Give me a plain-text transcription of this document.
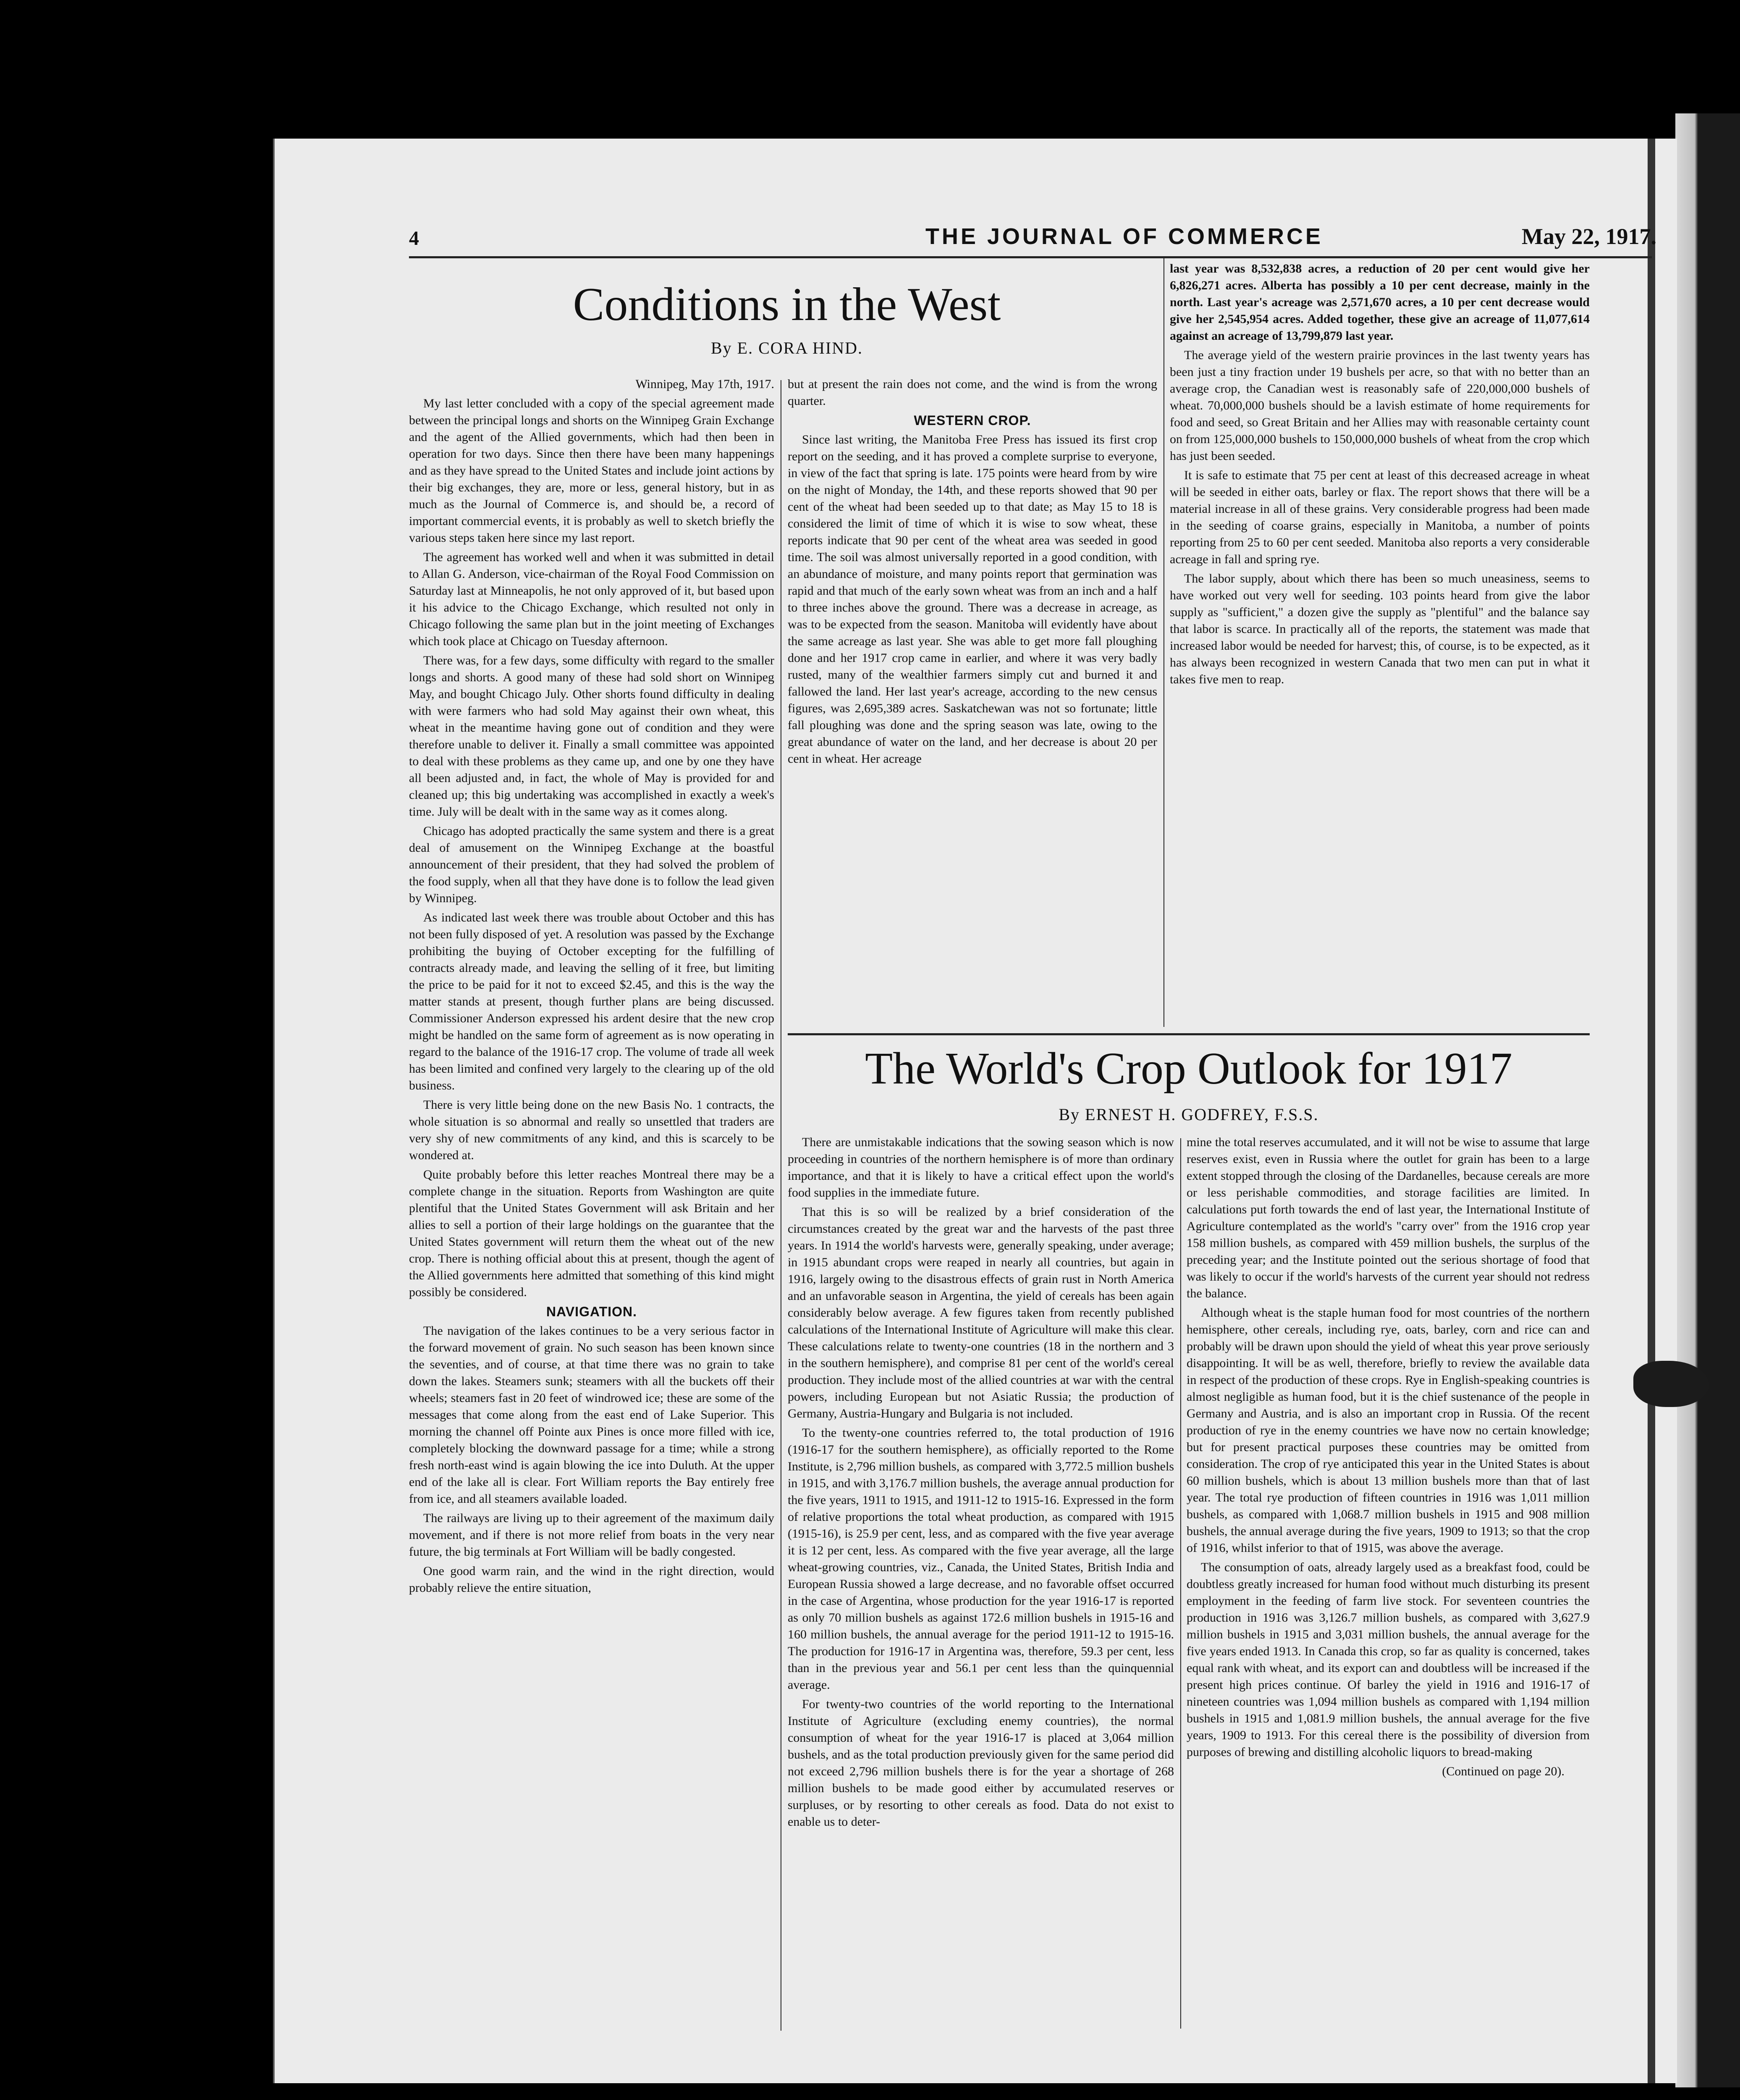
4	THE JOURNAL OF COMMERCE	May 22, 1917.
Conditions in the West
By E. CORA HIND.
Winnipeg, May 17th, 1917.

My last letter concluded with a copy of the special agreement made between the principal longs and shorts on the Winnipeg Grain Exchange and the agent of the Allied governments, which had then been in operation for two days. Since then there have been many happenings and as they have spread to the United States and include joint actions by their big exchanges, they are, more or less, general history, but in as much as the Journal of Commerce is, and should be, a record of important commercial events, it is probably as well to sketch briefly the various steps taken here since my last report.

The agreement has worked well and when it was submitted in detail to Allan G. Anderson, vice-chairman of the Royal Food Commission on Saturday last at Minneapolis, he not only approved of it, but based upon it his advice to the Chicago Exchange, which resulted not only in Chicago following the same plan but in the joint meeting of Exchanges which took place at Chicago on Tuesday afternoon.

There was, for a few days, some difficulty with regard to the smaller longs and shorts. A good many of these had sold short on Winnipeg May, and bought Chicago July. Other shorts found difficulty in dealing with were farmers who had sold May against their own wheat, this wheat in the meantime having gone out of condition and they were therefore unable to deliver it. Finally a small committee was appointed to deal with these problems as they came up, and one by one they have all been adjusted and, in fact, the whole of May is provided for and cleaned up; this big undertaking was accomplished in exactly a week's time. July will be dealt with in the same way as it comes along.

Chicago has adopted practically the same system and there is a great deal of amusement on the Winnipeg Exchange at the boastful announcement of their president, that they had solved the problem of the food supply, when all that they have done is to follow the lead given by Winnipeg.

As indicated last week there was trouble about October and this has not been fully disposed of yet. A resolution was passed by the Exchange prohibiting the buying of October excepting for the fulfilling of contracts already made, and leaving the selling of it free, but limiting the price to be paid for it not to exceed $2.45, and this is the way the matter stands at present, though further plans are being discussed. Commissioner Anderson expressed his ardent desire that the new crop might be handled on the same form of agreement as is now operating in regard to the balance of the 1916-17 crop. The volume of trade all week has been limited and confined very largely to the clearing up of the old business.

There is very little being done on the new Basis No. 1 contracts, the whole situation is so abnormal and really so unsettled that traders are very shy of new commitments of any kind, and this is scarcely to be wondered at.

Quite probably before this letter reaches Montreal there may be a complete change in the situation. Reports from Washington are quite plentiful that the United States Government will ask Britain and her allies to sell a portion of their large holdings on the guarantee that the United States government will return them the wheat out of the new crop. There is nothing official about this at present, though the agent of the Allied governments here admitted that something of this kind might possibly be considered.

NAVIGATION.

The navigation of the lakes continues to be a very serious factor in the forward movement of grain. No such season has been known since the seventies, and of course, at that time there was no grain to take down the lakes. Steamers sunk; steamers with all the buckets off their wheels; steamers fast in 20 feet of windrowed ice; these are some of the messages that come along from the east end of Lake Superior. This morning the channel off Pointe aux Pines is once more filled with ice, completely blocking the downward passage for a time; while a strong fresh north-east wind is again blowing the ice into Duluth. At the upper end of the lake all is clear. Fort William reports the Bay entirely free from ice, and all steamers available loaded.

The railways are living up to their agreement of the maximum daily movement, and if there is not more relief from boats in the very near future, the big terminals at Fort William will be badly congested.

One good warm rain, and the wind in the right direction, would probably relieve the entire situation,

but at present the rain does not come, and the wind is from the wrong quarter.

WESTERN CROP.

Since last writing, the Manitoba Free Press has issued its first crop report on the seeding, and it has proved a complete surprise to everyone, in view of the fact that spring is late. 175 points were heard from by wire on the night of Monday, the 14th, and these reports showed that 90 per cent of the wheat had been seeded up to that date; as May 15 to 18 is considered the limit of time of which it is wise to sow wheat, these reports indicate that 90 per cent of the wheat area was seeded in good time. The soil was almost universally reported in a good condition, with an abundance of moisture, and many points report that germination was rapid and that much of the early sown wheat was from an inch and a half to three inches above the ground. There was a decrease in acreage, as was to be expected from the season. Manitoba will evidently have about the same acreage as last year. She was able to get more fall ploughing done and her 1917 crop came in earlier, and where it was very badly rusted, many of the wealthier farmers simply cut and burned it and fallowed the land. Her last year's acreage, according to the new census figures, was 2,695,389 acres. Saskatchewan was not so fortunate; little fall ploughing was done and the spring season was late, owing to the great abundance of water on the land, and her decrease is about 20 per cent in wheat. Her acreage

last year was 8,532,838 acres, a reduction of 20 per cent would give her 6,826,271 acres. Alberta has possibly a 10 per cent decrease, mainly in the north. Last year's acreage was 2,571,670 acres, a 10 per cent decrease would give her 2,545,954 acres. Added together, these give an acreage of 11,077,614 against an acreage of 13,799,879 last year.

The average yield of the western prairie provinces in the last twenty years has been just a tiny fraction under 19 bushels per acre, so that with no better than an average crop, the Canadian west is reasonably safe of 220,000,000 bushels of wheat. 70,000,000 bushels should be a lavish estimate of home requirements for food and seed, so Great Britain and her Allies may with reasonable certainty count on from 125,000,000 bushels to 150,000,000 bushels of wheat from the crop which has just been seeded.

It is safe to estimate that 75 per cent at least of this decreased acreage in wheat will be seeded in either oats, barley or flax. The report shows that there will be a material increase in all of these grains. Very considerable progress had been made in the seeding of coarse grains, especially in Manitoba, a number of points reporting from 25 to 60 per cent seeded. Manitoba also reports a very considerable acreage in fall and spring rye.

The labor supply, about which there has been so much uneasiness, seems to have worked out very well for seeding. 103 points heard from give the labor supply as "sufficient," a dozen give the supply as "plentiful" and the balance say that labor is scarce. In practically all of the reports, the statement was made that increased labor would be needed for harvest; this, of course, is to be expected, as it has always been recognized in western Canada that two men can put in what it takes five men to reap.

The World's Crop Outlook for 1917
By ERNEST H. GODFREY, F.S.S.

There are unmistakable indications that the sowing season which is now proceeding in countries of the northern hemisphere is of more than ordinary importance, and that it is likely to have a critical effect upon the world's food supplies in the immediate future.

That this is so will be realized by a brief consideration of the circumstances created by the great war and the harvests of the past three years. In 1914 the world's harvests were, generally speaking, under average; in 1915 abundant crops were reaped in nearly all countries, but again in 1916, largely owing to the disastrous effects of grain rust in North America and an unfavorable season in Argentina, the yield of cereals has been again considerably below average. A few figures taken from recently published calculations of the International Institute of Agriculture will make this clear. These calculations relate to twenty-one countries (18 in the northern and 3 in the southern hemisphere), and comprise 81 per cent of the world's cereal production. They include most of the allied countries at war with the central powers, including European but not Asiatic Russia; the production of Germany, Austria-Hungary and Bulgaria is not included.

To the twenty-one countries referred to, the total production of 1916 (1916-17 for the southern hemisphere), as officially reported to the Rome Institute, is 2,796 million bushels, as compared with 3,772.5 million bushels in 1915, and with 3,176.7 million bushels, the average annual production for the five years, 1911 to 1915, and 1911-12 to 1915-16. Expressed in the form of relative proportions the total wheat production, as compared with 1915 (1915-16), is 25.9 per cent, less, and as compared with the five year average it is 12 per cent, less. As compared with the five year average, all the large wheat-growing countries, viz., Canada, the United States, British India and European Russia showed a large decrease, and no favorable offset occurred in the case of Argentina, whose production for the year 1916-17 is reported as only 70 million bushels as against 172.6 million bushels in 1915-16 and 160 million bushels, the annual average for the period 1911-12 to 1915-16. The production for 1916-17 in Argentina was, therefore, 59.3 per cent, less than in the previous year and 56.1 per cent less than the quinquennial average.

For twenty-two countries of the world reporting to the International Institute of Agriculture (excluding enemy countries), the normal consumption of wheat for the year 1916-17 is placed at 3,064 million bushels, and as the total production previously given for the same period did not exceed 2,796 million bushels there is for the year a shortage of 268 million bushels to be made good either by accumulated reserves or surpluses, or by resorting to other cereals as food. Data do not exist to enable us to deter-

mine the total reserves accumulated, and it will not be wise to assume that large reserves exist, even in Russia where the outlet for grain has been to a large extent stopped through the closing of the Dardanelles, because cereals are more or less perishable commodities, and storage facilities are limited. In calculations put forth towards the end of last year, the International Institute of Agriculture contemplated as the world's "carry over" from the 1916 crop year 158 million bushels, as compared with 459 million bushels, the surplus of the preceding year; and the Institute pointed out the serious shortage of food that was likely to occur if the world's harvests of the current year should not redress the balance.

Although wheat is the staple human food for most countries of the northern hemisphere, other cereals, including rye, oats, barley, corn and rice can and probably will be drawn upon should the yield of wheat this year prove seriously disappointing. It will be as well, therefore, briefly to review the available data in respect of the production of these crops. Rye in English-speaking countries is almost negligible as human food, but it is the chief sustenance of the people in Germany and Austria, and is also an important crop in Russia. Of the recent production of rye in the enemy countries we have now no certain knowledge; but for present practical purposes these countries may be omitted from consideration. The crop of rye anticipated this year in the United States is about 60 million bushels, which is about 13 million bushels more than that of last year. The total rye production of fifteen countries in 1916 was 1,011 million bushels, as compared with 1,068.7 million bushels in 1915 and 908 million bushels, the annual average during the five years, 1909 to 1913; so that the crop of 1916, whilst inferior to that of 1915, was above the average.

The consumption of oats, already largely used as a breakfast food, could be doubtless greatly increased for human food without much disturbing its present employment in the feeding of farm live stock. For seventeen countries the production in 1916 was 3,126.7 million bushels, as compared with 3,627.9 million bushels in 1915 and 3,031 million bushels, the annual average for the five years ended 1913. In Canada this crop, so far as quality is concerned, takes equal rank with wheat, and its export can and doubtless will be increased if the present high prices continue. Of barley the yield in 1916 and 1916-17 of nineteen countries was 1,094 million bushels as compared with 1,194 million bushels in 1915 and 1,081.9 million bushels, the annual average for the five years, 1909 to 1913. For this cereal there is the possibility of diversion from purposes of brewing and distilling alcoholic liquors to bread-making

(Continued on page 20).
